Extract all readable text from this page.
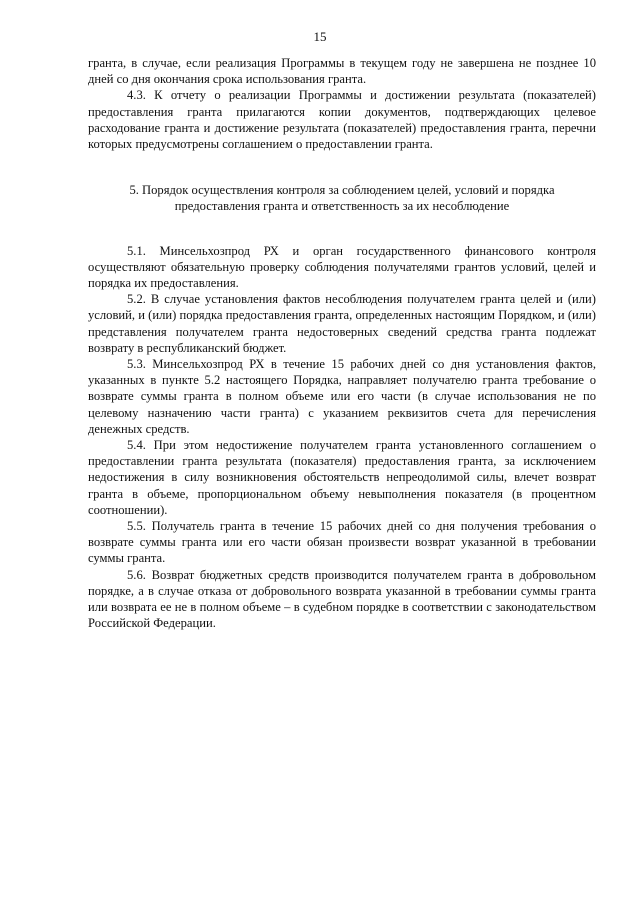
15

гранта, в случае, если реализация Программы в текущем году не завершена не позднее 10 дней со дня окончания срока использования гранта.

4.3. К отчету о реализации Программы и достижении результата (показателей) предоставления гранта прилагаются копии документов, подтверждающих целевое расходование гранта и достижение результата (показателей) предоставления гранта, перечни которых предусмотрены соглашением о предоставлении гранта.

5. Порядок осуществления контроля за соблюдением целей, условий и порядка
предоставления гранта и ответственность за их несоблюдение

5.1. Минсельхозпрод РХ и орган государственного финансового контроля осуществляют обязательную проверку соблюдения получателями грантов условий, целей и порядка их предоставления.

5.2. В случае установления фактов несоблюдения получателем гранта целей и (или) условий, и (или) порядка предоставления гранта, определенных настоящим Порядком, и (или) представления получателем гранта недостоверных сведений средства гранта подлежат возврату в республиканский бюджет.

5.3. Минсельхозпрод РХ в течение 15 рабочих дней со дня установления фактов, указанных в пункте 5.2 настоящего Порядка, направляет получателю гранта требование о возврате суммы гранта в полном объеме или его части (в случае использования не по целевому назначению части гранта) с указанием реквизитов счета для перечисления денежных средств.

5.4. При этом недостижение получателем гранта установленного соглашением о предоставлении гранта результата (показателя) предоставления гранта, за исключением недостижения в силу возникновения обстоятельств непреодолимой силы, влечет возврат гранта в объеме, пропорциональном объему невыполнения показателя (в процентном соотношении).

5.5. Получатель гранта в течение 15 рабочих дней со дня получения требования о возврате суммы гранта или его части обязан произвести возврат указанной в требовании суммы гранта.

5.6. Возврат бюджетных средств производится получателем гранта в добровольном порядке, а в случае отказа от добровольного возврата указанной в требовании суммы гранта или возврата ее не в полном объеме – в судебном порядке в соответствии с законодательством Российской Федерации.
